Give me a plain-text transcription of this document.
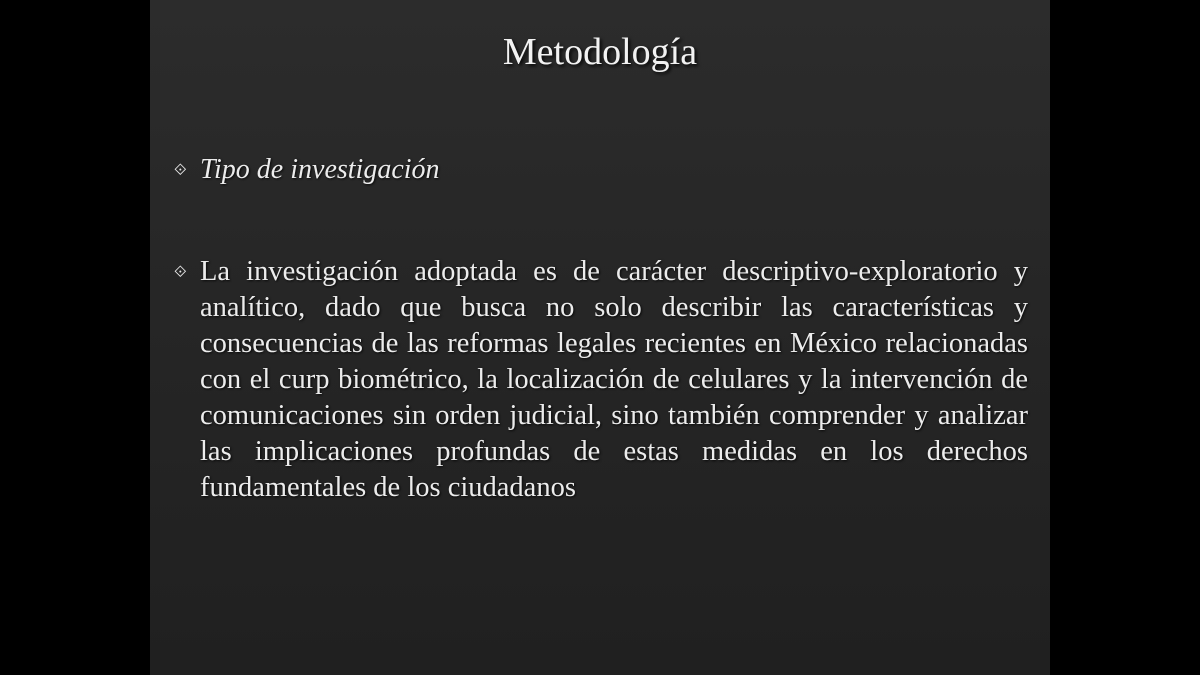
Metodología
⟐ Tipo de investigación
⟐ La investigación adoptada es de carácter descriptivo-exploratorio y analítico, dado que busca no solo describir las características y consecuencias de las reformas legales recientes en México relacionadas con el curp biométrico, la localización de celulares y la intervención de comunicaciones sin orden judicial, sino también comprender y analizar las implicaciones profundas de estas medidas en los derechos fundamentales de los ciudadanos
